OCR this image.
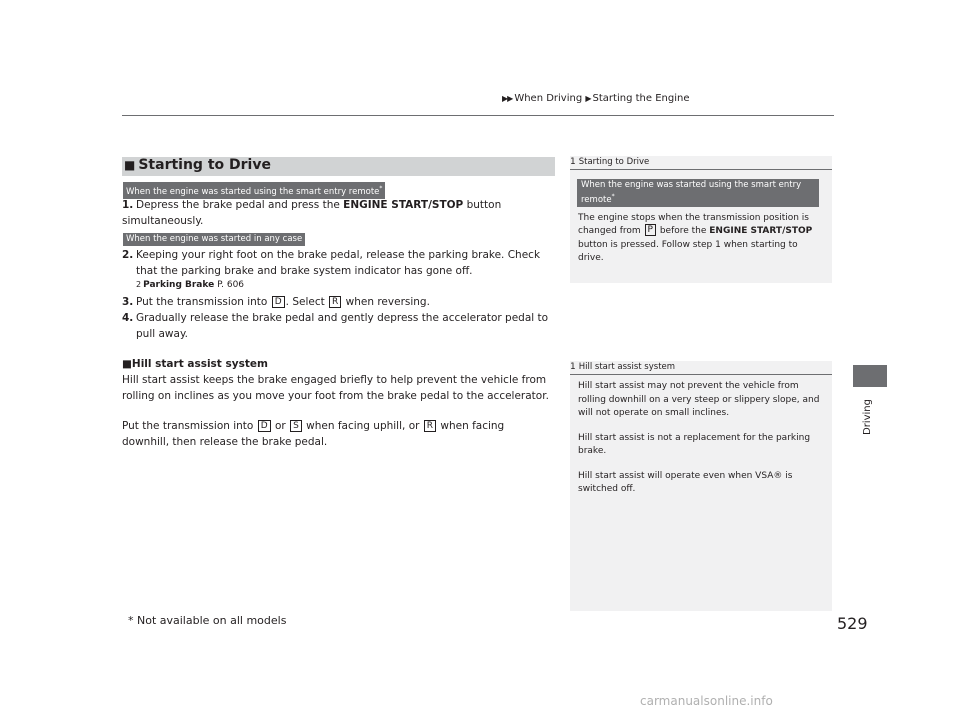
▶▶ When Driving ▶ Starting the Engine
Driving
■ Starting to Drive
When the engine was started using the smart entry remote*
1. Depress the brake pedal and press the ENGINE START/STOP button simultaneously.
When the engine was started in any case
2. Keeping your right foot on the brake pedal, release the parking brake. Check that the parking brake and brake system indicator has gone off.
2 Parking Brake P. 606
3. Put the transmission into D . Select R when reversing.
4. Gradually release the brake pedal and gently depress the accelerator pedal to pull away.
■Hill start assist system
Hill start assist keeps the brake engaged briefly to help prevent the vehicle from rolling on inclines as you move your foot from the brake pedal to the accelerator.
Put the transmission into D or S when facing uphill, or R when facing downhill, then release the brake pedal.
1 Starting to Drive
When the engine was started using the smart entry remote*
The engine stops when the transmission position is changed from P before the ENGINE START/STOP button is pressed. Follow step 1 when starting to drive.
1 Hill start assist system
Hill start assist may not prevent the vehicle from rolling downhill on a very steep or slippery slope, and will not operate on small inclines.
Hill start assist is not a replacement for the parking brake.
Hill start assist will operate even when VSA® is switched off.
* Not available on all models	529
carmanualsonline.info
